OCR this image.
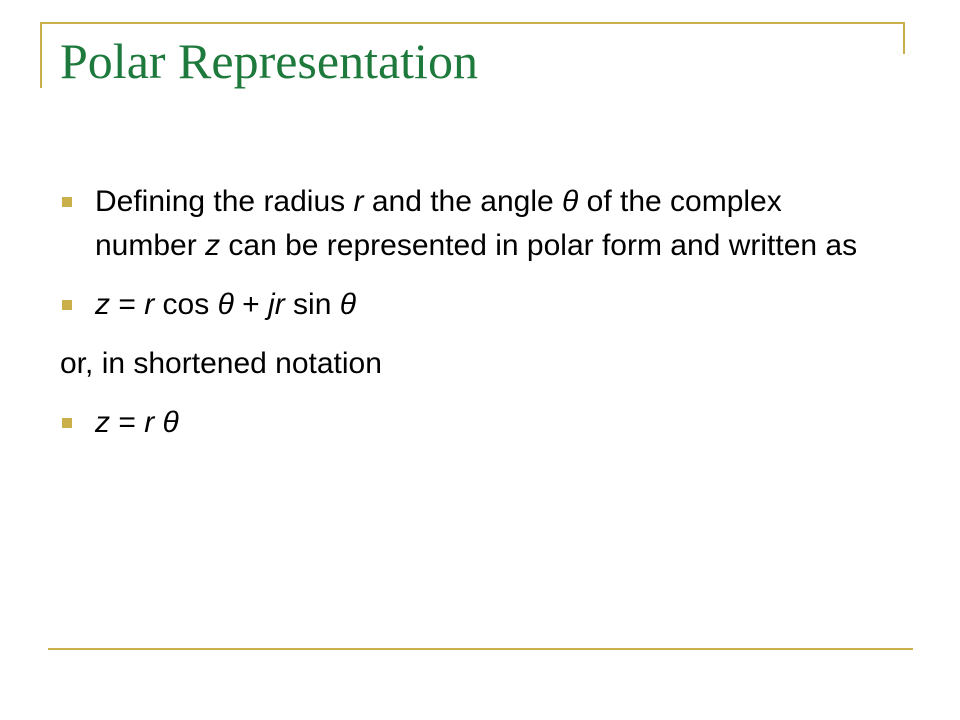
Polar Representation
Defining the radius r and the angle θ of the complex number z can be represented in polar form and written as
z = r cos θ + jr sin θ
or, in shortened notation
z = r θ
